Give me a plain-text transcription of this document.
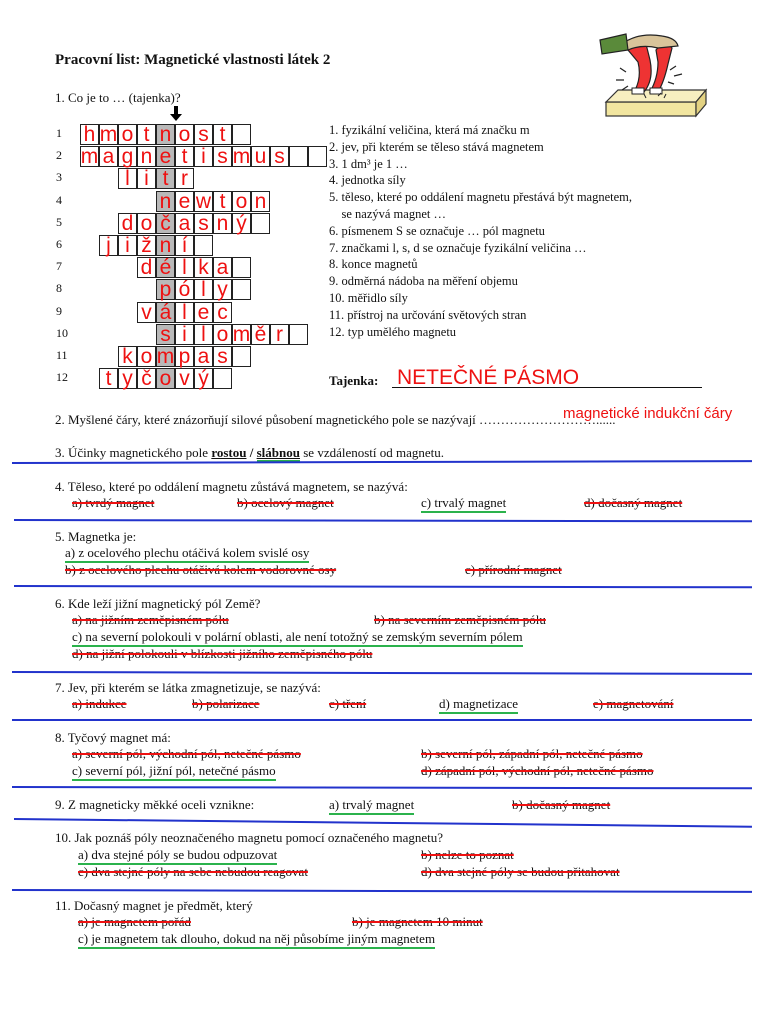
Pracovní list: Magnetické vlastnosti látek 2
1. Co je to … (tajenka)?
1 h m o t n o s t
2 m a g n e t i s m u s
3	l i t r
4	n e w t o n
5	d o č a s n ý
6	j i ž n í
7	d é l k a
8	p ó l y
9	v á l e c
10	s i l o m ě r
11	k o m p a s
12	t y č o v ý
1. fyzikální veličina, která má značku m
2. jev, při kterém se těleso stává magnetem
3. 1 dm³ je 1 …
4. jednotka síly
5. těleso, které po oddálení magnetu přestává být magnetem,
se nazývá magnet …
6. písmenem S se označuje … pól magnetu
7. značkami l, s, d se označuje fyzikální veličina …
8. konce magnetů
9. odměrná nádoba na měření objemu
10. měřidlo síly
11. přístroj na určování světových stran
12. typ umělého magnetu
Tajenka: NETEČNÉ PÁSMO
2. Myšlené čáry, které znázorňují silové působení magnetického pole se nazývají ………………………......
magnetické indukční čáry
3. Účinky magnetického pole rostou / slábnou se vzdáleností od magnetu.
4. Těleso, které po oddálení magnetu zůstává magnetem, se nazývá:
a) tvrdý magnet	b) ocelový magnet	c) trvalý magnet	d) dočasný magnet
5. Magnetka je:
a) z ocelového plechu otáčivá kolem svislé osy
b) z ocelového plechu otáčivá kolem vodorovné osy	c) přírodní magnet
6. Kde leží jižní magnetický pól Země?
a) na jižním zeměpisném pólu	b) na severním zeměpisném pólu
c) na severní polokouli v polární oblasti, ale není totožný se zemským severním pólem
d) na jižní polokouli v blízkosti jižního zeměpisného pólu
7. Jev, při kterém se látka zmagnetizuje, se nazývá:
a) indukce	b) polarizace	c) tření	d) magnetizace	e) magnetování
8. Tyčový magnet má:
a) severní pól, východní pól, netečné pásmo	b) severní pól, západní pól, netečné pásmo
c) severní pól, jižní pól, netečné pásmo	d) západní pól, východní pól, netečné pásmo
9. Z magneticky měkké oceli vznikne:	a) trvalý magnet	b) dočasný magnet
10. Jak poznáš póly neoznačeného magnetu pomocí označeného magnetu?
a) dva stejné póly se budou odpuzovat	b) nelze to poznat
c) dva stejné póly na sebe nebudou reagovat	d) dva stejné póly se budou přitahovat
11. Dočasný magnet je předmět, který
a) je magnetem pořád	b) je magnetem 10 minut
c) je magnetem tak dlouho, dokud na něj působíme jiným magnetem
